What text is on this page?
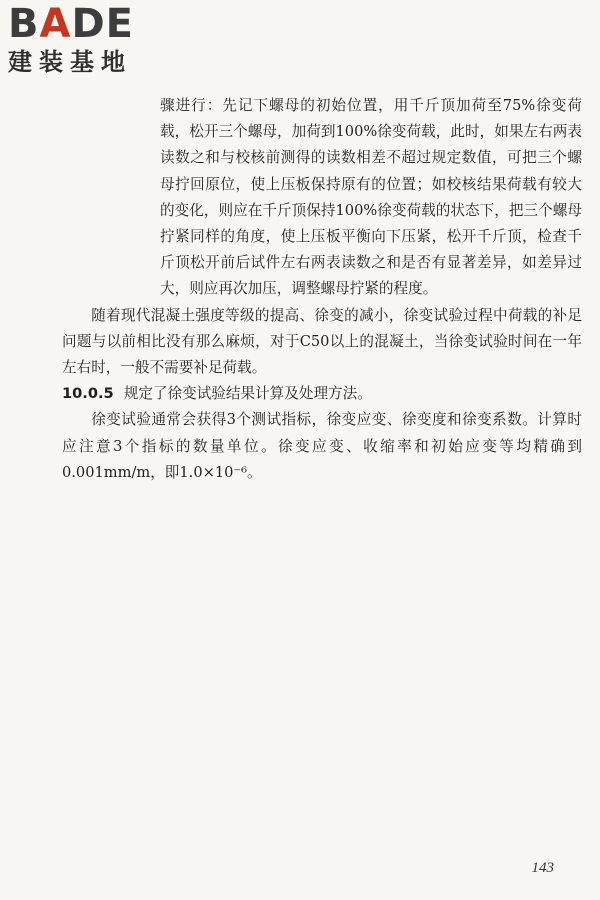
B A D E
建装基地

骤进行：先记下螺母的初始位置，用千斤顶加荷至75%徐变荷载，松开三个螺母，加荷到100%徐变荷载，此时，如果左右两表读数之和与校核前测得的读数相差不超过规定数值，可把三个螺母拧回原位，使上压板保持原有的位置；如校核结果荷载有较大的变化，则应在千斤顶保持100%徐变荷载的状态下，把三个螺母拧紧同样的角度，使上压板平衡向下压紧，松开千斤顶，检查千斤顶松开前后试件左右两表读数之和是否有显著差异，如差异过大，则应再次加压，调整螺母拧紧的程度。

随着现代混凝土强度等级的提高、徐变的减小，徐变试验过程中荷载的补足问题与以前相比没有那么麻烦，对于C50以上的混凝土，当徐变试验时间在一年左右时，一般不需要补足荷载。

10.0.5 规定了徐变试验结果计算及处理方法。

徐变试验通常会获得3个测试指标，徐变应变、徐变度和徐变系数。计算时应注意3个指标的数量单位。徐变应变、收缩率和初始应变等均精确到0.001mm/m，即1.0×10⁻⁶。

143
